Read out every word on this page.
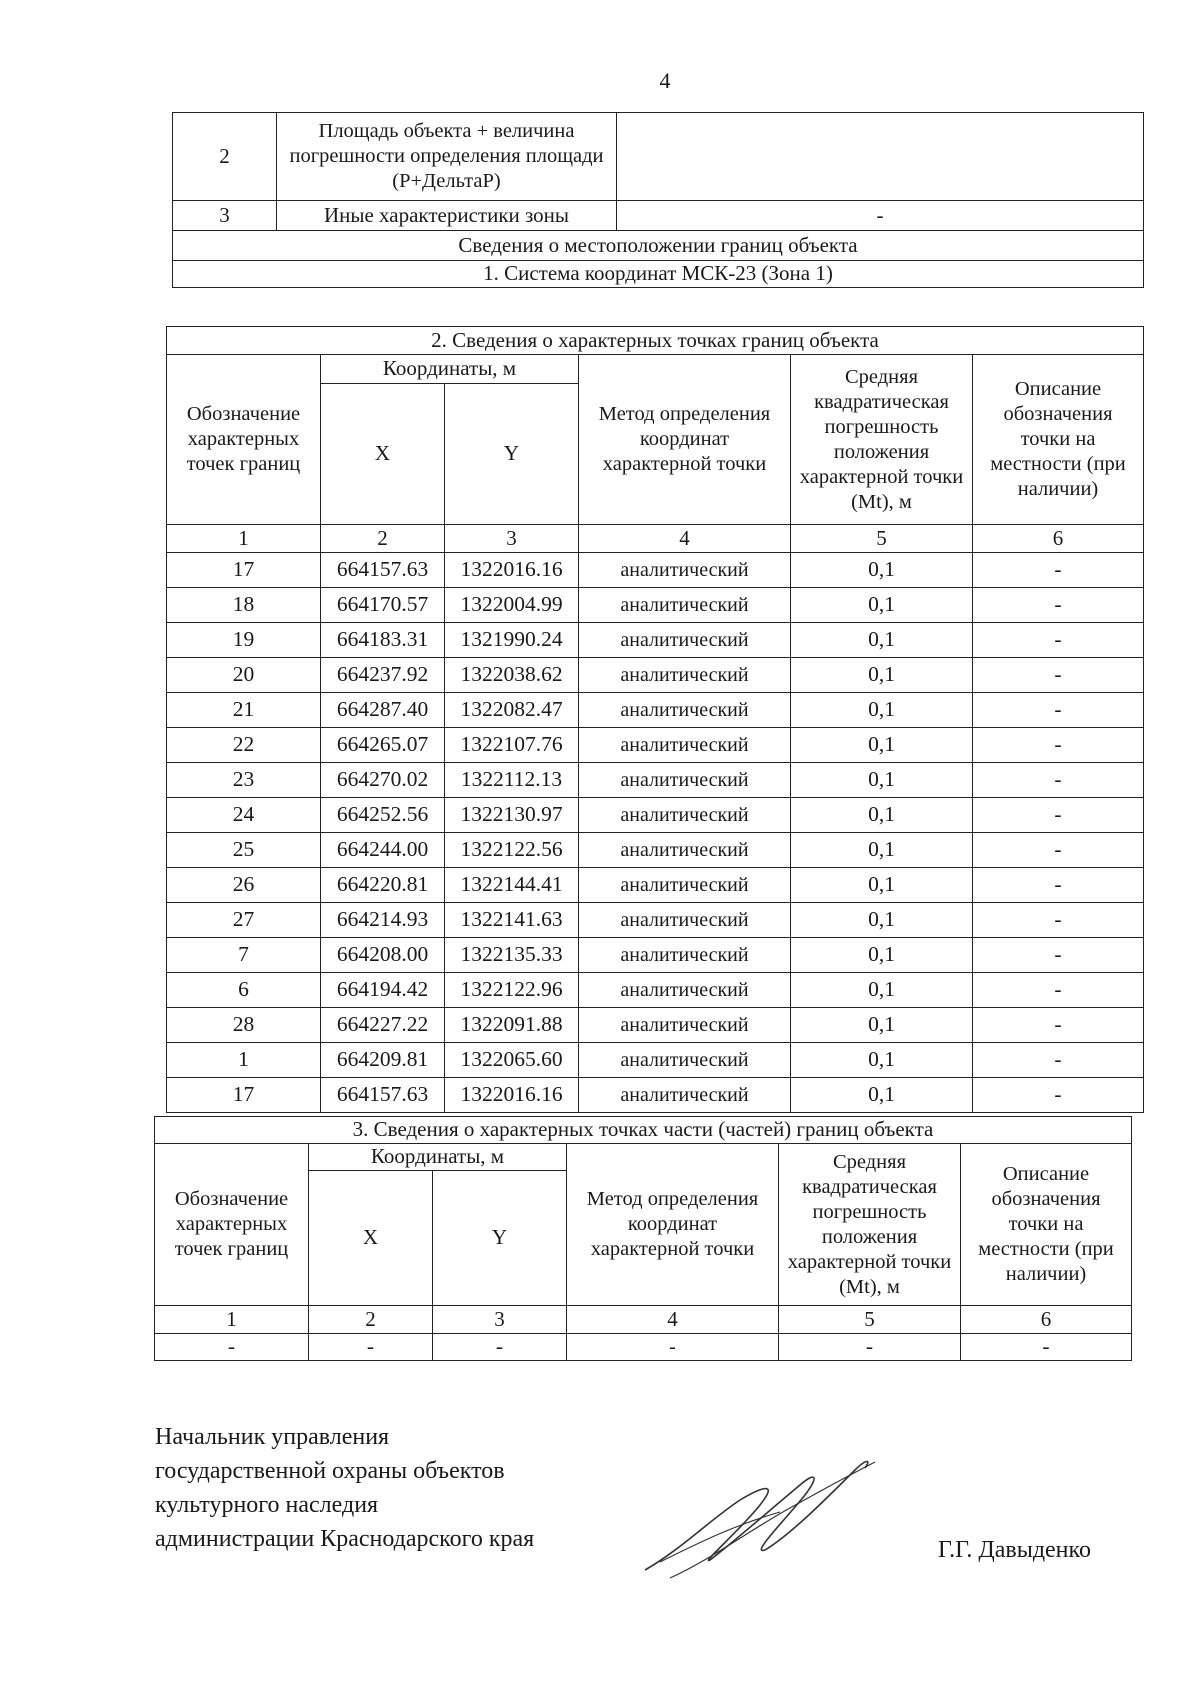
4
2	Площадь объекта + величина погрешности определения площади (Р+ДельтаР)	
3	Иные характеристики зоны	-
Сведения о местоположении границ объекта		
1. Система координат МСК-23 (Зона 1)		
2. Сведения о характерных точках границ объекта					
Обозначение характерных точек границ	Координаты, м		Метод определения координат характерной точки	Средняя квадратическая погрешность положения характерной точки (Mt), м	Описание обозначения точки на местности (при наличии)
	X	Y			
1	2	3	4	5	6
17	664157.63	1322016.16	аналитический	0,1	-
18	664170.57	1322004.99	аналитический	0,1	-
19	664183.31	1321990.24	аналитический	0,1	-
20	664237.92	1322038.62	аналитический	0,1	-
21	664287.40	1322082.47	аналитический	0,1	-
22	664265.07	1322107.76	аналитический	0,1	-
23	664270.02	1322112.13	аналитический	0,1	-
24	664252.56	1322130.97	аналитический	0,1	-
25	664244.00	1322122.56	аналитический	0,1	-
26	664220.81	1322144.41	аналитический	0,1	-
27	664214.93	1322141.63	аналитический	0,1	-
7	664208.00	1322135.33	аналитический	0,1	-
6	664194.42	1322122.96	аналитический	0,1	-
28	664227.22	1322091.88	аналитический	0,1	-
1	664209.81	1322065.60	аналитический	0,1	-
17	664157.63	1322016.16	аналитический	0,1	-
3. Сведения о характерных точках части (частей) границ объекта					
Обозначение характерных точек границ	Координаты, м		Метод определения координат характерной точки	Средняя квадратическая погрешность положения характерной точки (Mt), м	Описание обозначения точки на местности (при наличии)
	X	Y			
1	2	3	4	5	6
-	-	-	-	-	-
Начальник управления
государственной охраны объектов
культурного наследия
администрации Краснодарского края	Г.Г. Давыденко
